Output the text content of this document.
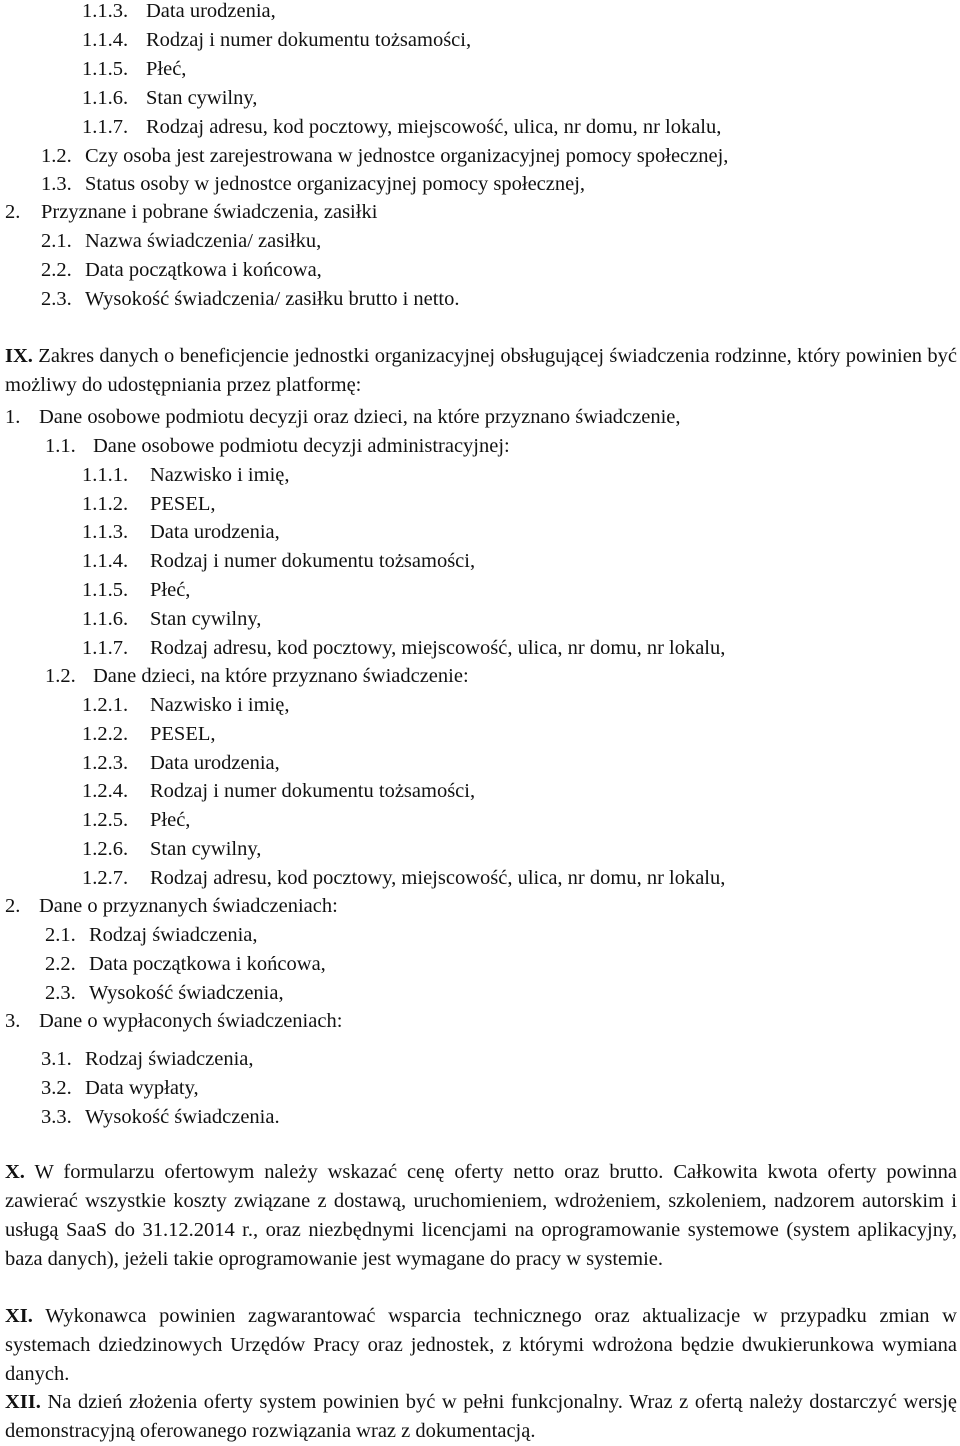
1.1.3. Data urodzenia,
1.1.4. Rodzaj i numer dokumentu tożsamości,
1.1.5. Płeć,
1.1.6. Stan cywilny,
1.1.7. Rodzaj adresu, kod pocztowy, miejscowość, ulica, nr domu, nr lokalu,
1.2. Czy osoba jest zarejestrowana w jednostce organizacyjnej pomocy społecznej,
1.3. Status osoby w jednostce organizacyjnej pomocy społecznej,
2. Przyznane i pobrane świadczenia, zasiłki
2.1. Nazwa świadczenia/ zasiłku,
2.2. Data początkowa i końcowa,
2.3. Wysokość świadczenia/ zasiłku brutto i netto.
IX. Zakres danych o beneficjencie jednostki organizacyjnej obsługującej świadczenia rodzinne, który powinien być możliwy do udostępniania przez platformę:
1. Dane osobowe podmiotu decyzji oraz dzieci, na które przyznano świadczenie,
1.1. Dane osobowe podmiotu decyzji administracyjnej:
1.1.1. Nazwisko i imię,
1.1.2. PESEL,
1.1.3. Data urodzenia,
1.1.4. Rodzaj i numer dokumentu tożsamości,
1.1.5. Płeć,
1.1.6. Stan cywilny,
1.1.7. Rodzaj adresu, kod pocztowy, miejscowość, ulica, nr domu, nr lokalu,
1.2. Dane dzieci, na które przyznano świadczenie:
1.2.1. Nazwisko i imię,
1.2.2. PESEL,
1.2.3. Data urodzenia,
1.2.4. Rodzaj i numer dokumentu tożsamości,
1.2.5. Płeć,
1.2.6. Stan cywilny,
1.2.7. Rodzaj adresu, kod pocztowy, miejscowość, ulica, nr domu, nr lokalu,
2. Dane o przyznanych świadczeniach:
2.1. Rodzaj świadczenia,
2.2. Data początkowa i końcowa,
2.3. Wysokość świadczenia,
3. Dane o wypłaconych świadczeniach:
3.1. Rodzaj świadczenia,
3.2. Data wypłaty,
3.3. Wysokość świadczenia.
X. W formularzu ofertowym należy wskazać cenę oferty netto oraz brutto. Całkowita kwota oferty powinna zawierać wszystkie koszty związane z dostawą, uruchomieniem, wdrożeniem, szkoleniem, nadzorem autorskim i usługą SaaS do 31.12.2014 r., oraz niezbędnymi licencjami na oprogramowanie systemowe (system aplikacyjny, baza danych), jeżeli takie oprogramowanie jest wymagane do pracy w systemie.
XI. Wykonawca powinien zagwarantować wsparcia technicznego oraz aktualizacje w przypadku zmian w systemach dziedzinowych Urzędów Pracy oraz jednostek, z którymi wdrożona będzie dwukierunkowa wymiana danych.
XII. Na dzień złożenia oferty system powinien być w pełni funkcjonalny. Wraz z ofertą należy dostarczyć wersję demonstracyjną oferowanego rozwiązania wraz z dokumentacją.
